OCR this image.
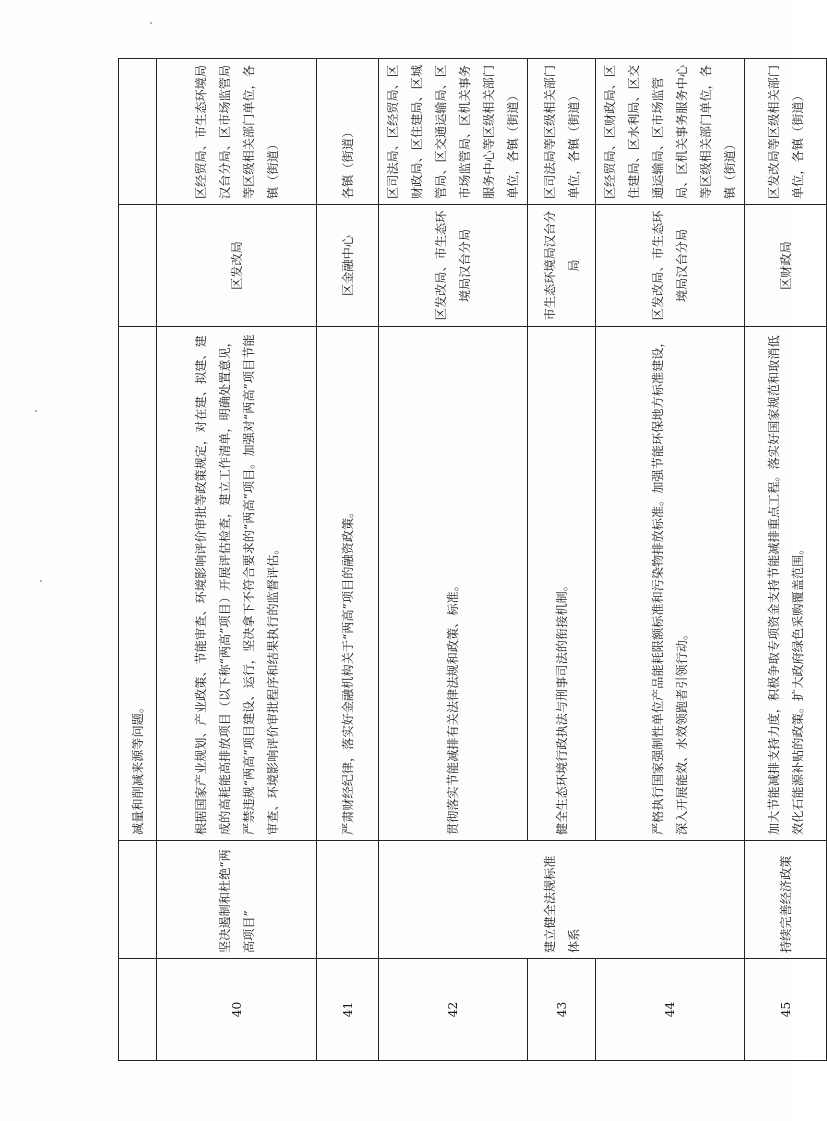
		减量和削减来源等问题。		
40	坚决遏制和杜绝“两高项目”	根据国家产业规划、产业政策、节能审查、环境影响评价审批等政策规定，对在建、拟建、建成的高耗能高排放项目（以下称“两高”项目）开展评估检查，建立工作清单，明确处置意见，严禁违规“两高”项目建设、运行，坚决拿下不符合要求的“两高”项目。加强对“两高”项目节能审查、环境影响评价审批程序和结果执行的监督评估。	区发改局	区经贸局、市生态环境局汉台分局、区市场监管局等区级相关部门单位，各镇（街道）
41		严肃财经纪律，落实好金融机构关于“两高”项目的融资政策。	区金融中心	各镇（街道）
42	建立健全法规标准体系	贯彻落实节能减排有关法律法规和政策、标准。	区发改局、市生态环境局汉台分局	区司法局、区经贸局、区财政局、区住建局、区城管局、区交通运输局、区市场监管局、区机关事务服务中心等区级相关部门单位，各镇（街道）
43		健全生态环境行政执法与刑事司法的衔接机制。	市生态环境局汉台分局	区司法局等区级相关部门单位，各镇（街道）
44		严格执行国家强制性单位产品能耗限额标准和污染物排放标准。加强节能环保地方标准建设，深入开展能效、水效领跑者引领行动。	区发改局、市生态环境局汉台分局	区经贸局、区财政局、区住建局、区水利局、区交通运输局、区市场监管局、区机关事务服务中心等区级相关部门单位，各镇（街道）
45	持续完善经济政策	加大节能减排支持力度，积极争取专项资金支持节能减排重点工程。落实好国家规范和取消低效化石能源补贴的政策。扩大政府绿色采购覆盖范围。	区财政局	区发改局等区级相关部门单位，各镇（街道）
